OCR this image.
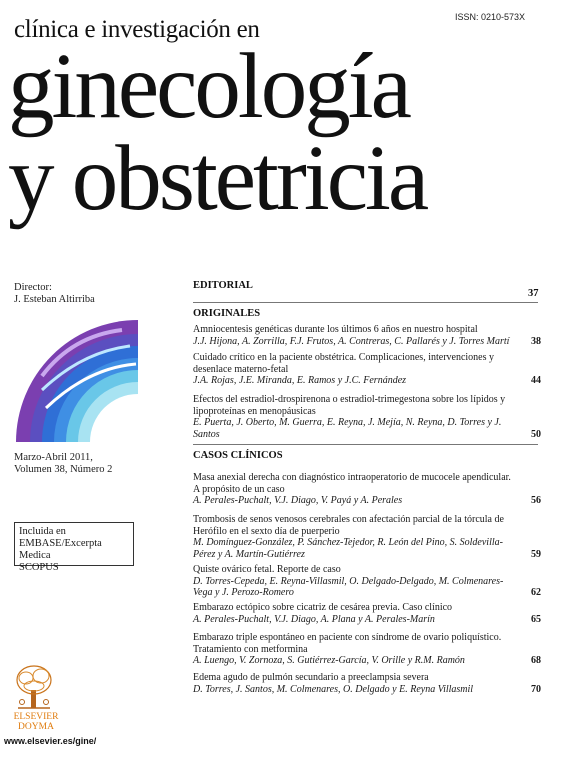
ISSN: 0210-573X
clínica e investigación en
ginecología
y obstetricia
Director:
J. Esteban Altirriba
Marzo-Abril 2011,
Volumen 38, Número 2
Incluida en
EMBASE/Excerpta Medica
SCOPUS
ELSEVIER
DOYMA
www.elsevier.es/gine/
EDITORIAL
37
ORIGINALES
Amniocentesis genéticas durante los últimos 6 años en nuestro hospital
J.J. Hijona, A. Zorrilla, F.J. Frutos, A. Contreras, C. Pallarés y J. Torres Martí	38
Cuidado crítico en la paciente obstétrica. Complicaciones, intervenciones y desenlace materno-fetal
J.A. Rojas, J.E. Miranda, E. Ramos y J.C. Fernández	44
Efectos del estradiol-drospirenona o estradiol-trimegestona sobre los lípidos y lipoproteínas en menopáusicas
E. Puerta, J. Oberto, M. Guerra, E. Reyna, J. Mejía, N. Reyna, D. Torres y J. Santos	50
CASOS CLÍNICOS
Masa anexial derecha con diagnóstico intraoperatorio de mucocele apendicular. A propósito de un caso
A. Perales-Puchalt, V.J. Diago, V. Payá y A. Perales	56
Trombosis de senos venosos cerebrales con afectación parcial de la tórcula de Herófilo en el sexto día de puerperio
M. Domínguez-González, P. Sánchez-Tejedor, R. León del Pino, S. Soldevilla-Pérez y A. Martín-Gutiérrez	59
Quiste ovárico fetal. Reporte de caso
D. Torres-Cepeda, E. Reyna-Villasmil, O. Delgado-Delgado, M. Colmenares-Vega y J. Perozo-Romero	62
Embarazo ectópico sobre cicatriz de cesárea previa. Caso clínico
A. Perales-Puchalt, V.J. Diago, A. Plana y A. Perales-Marín	65
Embarazo triple espontáneo en paciente con síndrome de ovario poliquístico. Tratamiento con metformina
A. Luengo, V. Zornoza, S. Gutiérrez-García, V. Orille y R.M. Ramón	68
Edema agudo de pulmón secundario a preeclampsia severa
D. Torres, J. Santos, M. Colmenares, O. Delgado y E. Reyna Villasmil	70
